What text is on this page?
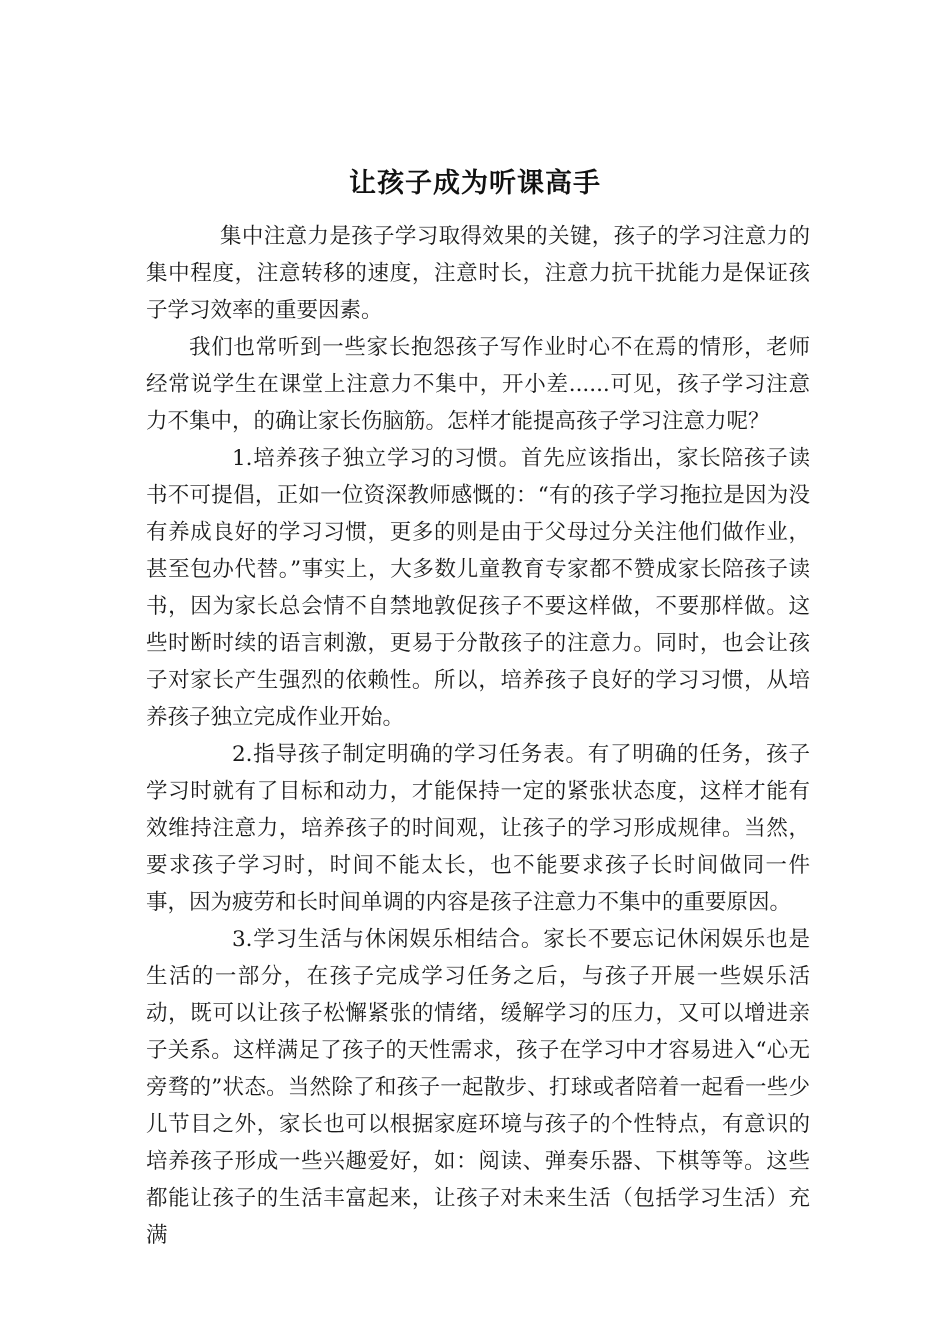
让孩子成为听课高手

集中注意力是孩子学习取得效果的关键，孩子的学习注意力的集中程度，注意转移的速度，注意时长，注意力抗干扰能力是保证孩子学习效率的重要因素。

我们也常听到一些家长抱怨孩子写作业时心不在焉的情形，老师经常说学生在课堂上注意力不集中，开小差......可见，孩子学习注意力不集中，的确让家长伤脑筋。怎样才能提高孩子学习注意力呢？

1.培养孩子独立学习的习惯。首先应该指出，家长陪孩子读书不可提倡，正如一位资深教师感慨的：“有的孩子学习拖拉是因为没有养成良好的学习习惯，更多的则是由于父母过分关注他们做作业，甚至包办代替。”事实上，大多数儿童教育专家都不赞成家长陪孩子读书，因为家长总会情不自禁地敦促孩子不要这样做，不要那样做。这些时断时续的语言刺激，更易于分散孩子的注意力。同时，也会让孩子对家长产生强烈的依赖性。所以，培养孩子良好的学习习惯，从培养孩子独立完成作业开始。

2.指导孩子制定明确的学习任务表。有了明确的任务，孩子学习时就有了目标和动力，才能保持一定的紧张状态度，这样才能有效维持注意力，培养孩子的时间观，让孩子的学习形成规律。当然，要求孩子学习时，时间不能太长，也不能要求孩子长时间做同一件事，因为疲劳和长时间单调的内容是孩子注意力不集中的重要原因。

3.学习生活与休闲娱乐相结合。家长不要忘记休闲娱乐也是生活的一部分，在孩子完成学习任务之后，与孩子开展一些娱乐活动，既可以让孩子松懈紧张的情绪，缓解学习的压力，又可以增进亲子关系。这样满足了孩子的天性需求，孩子在学习中才容易进入“心无旁骛的”状态。当然除了和孩子一起散步、打球或者陪着一起看一些少儿节目之外，家长也可以根据家庭环境与孩子的个性特点，有意识的培养孩子形成一些兴趣爱好，如：阅读、弹奏乐器、下棋等等。这些都能让孩子的生活丰富起来，让孩子对未来生活（包括学习生活）充满
